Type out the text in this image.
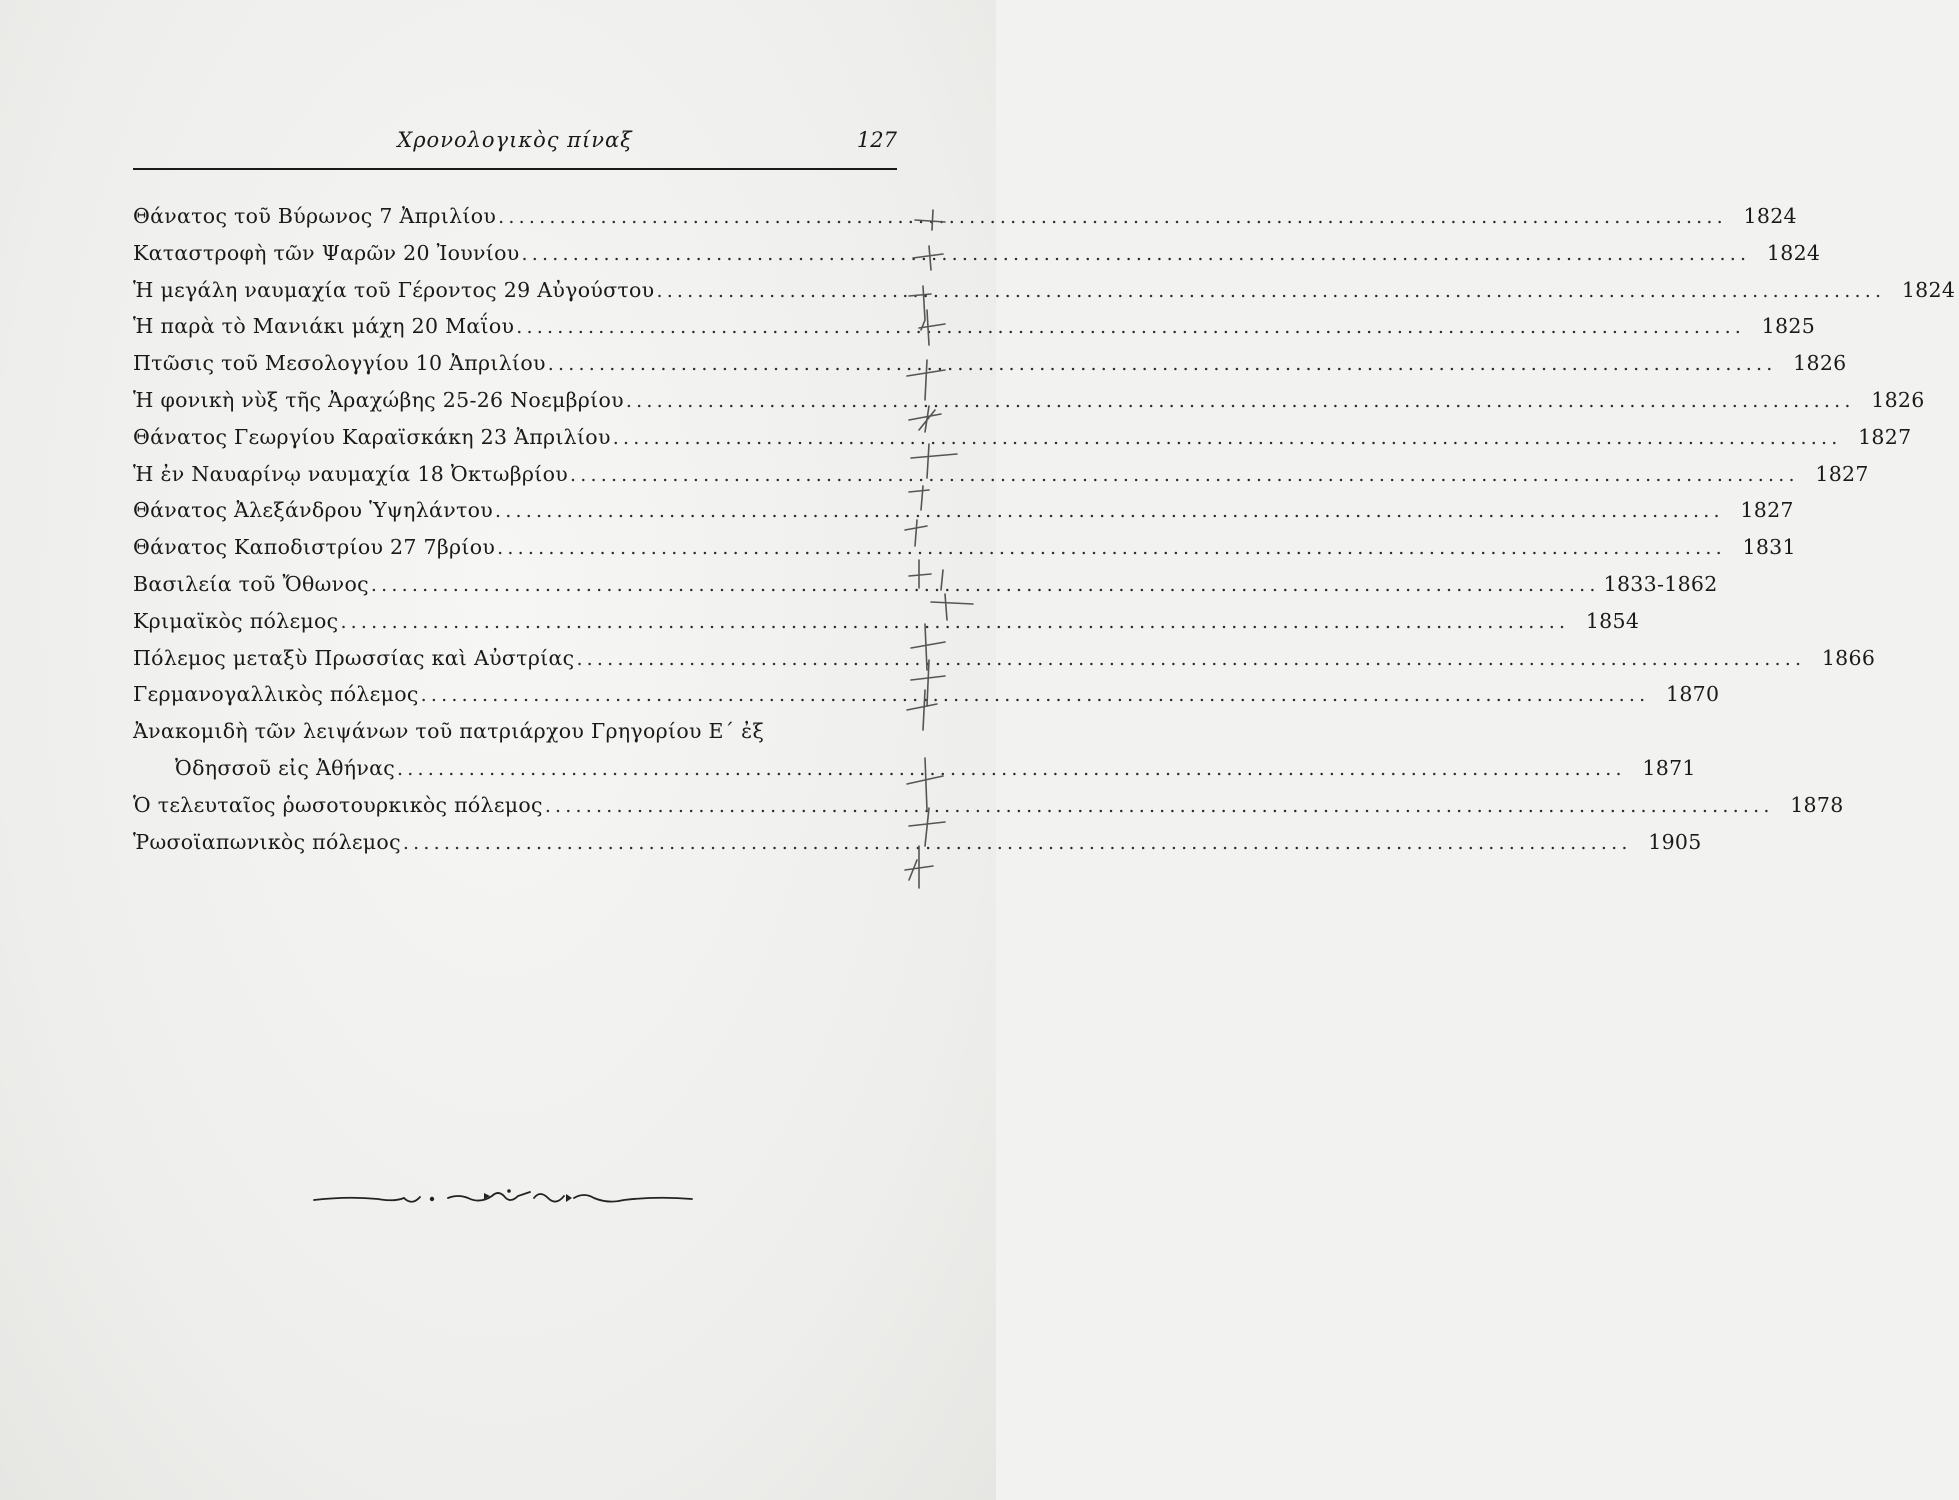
Χρονολογικὸς πίναξ	127
Θάνατος τοῦ Βύρωνος 7 Ἀπριλίου ........................................................................................................................ 1824
Καταστροφὴ τῶν Ψαρῶν 20 Ἰουνίου ........................................................................................................................ 1824
Ἡ μεγάλη ναυμαχία τοῦ Γέροντος 29 Αὐγούστου ........................................................................................................................ 1824
Ἡ παρὰ τὸ Μανιάκι μάχη 20 Μαΐου ........................................................................................................................ 1825
Πτῶσις τοῦ Μεσολογγίου 10 Ἀπριλίου ........................................................................................................................ 1826
Ἡ φονικὴ νὺξ τῆς Ἀραχώβης 25-26 Νοεμβρίου ........................................................................................................................ 1826
Θάνατος Γεωργίου Καραϊσκάκη 23 Ἀπριλίου ........................................................................................................................ 1827
Ἡ ἐν Ναυαρίνῳ ναυμαχία 18 Ὀκτωβρίου ........................................................................................................................ 1827
Θάνατος Ἀλεξάνδρου Ὑψηλάντου ........................................................................................................................ 1827
Θάνατος Καποδιστρίου 27 7βρίου ........................................................................................................................ 1831
Βασιλεία τοῦ Ὄθωνος ........................................................................................................................ 1833-1862
Κριμαϊκὸς πόλεμος ........................................................................................................................ 1854
Πόλεμος μεταξὺ Πρωσσίας καὶ Αὐστρίας ........................................................................................................................ 1866
Γερμανογαλλικὸς πόλεμος ........................................................................................................................ 1870
Ἀνακομιδὴ τῶν λειψάνων τοῦ πατριάρχου Γρηγορίου Ε΄ ἐξ
Ὀδησσοῦ εἰς Ἀθήνας ........................................................................................................................ 1871
Ὁ τελευταῖος ῥωσοτουρκικὸς πόλεμος ........................................................................................................................ 1878
Ῥωσοϊαπωνικὸς πόλεμος ........................................................................................................................ 1905
